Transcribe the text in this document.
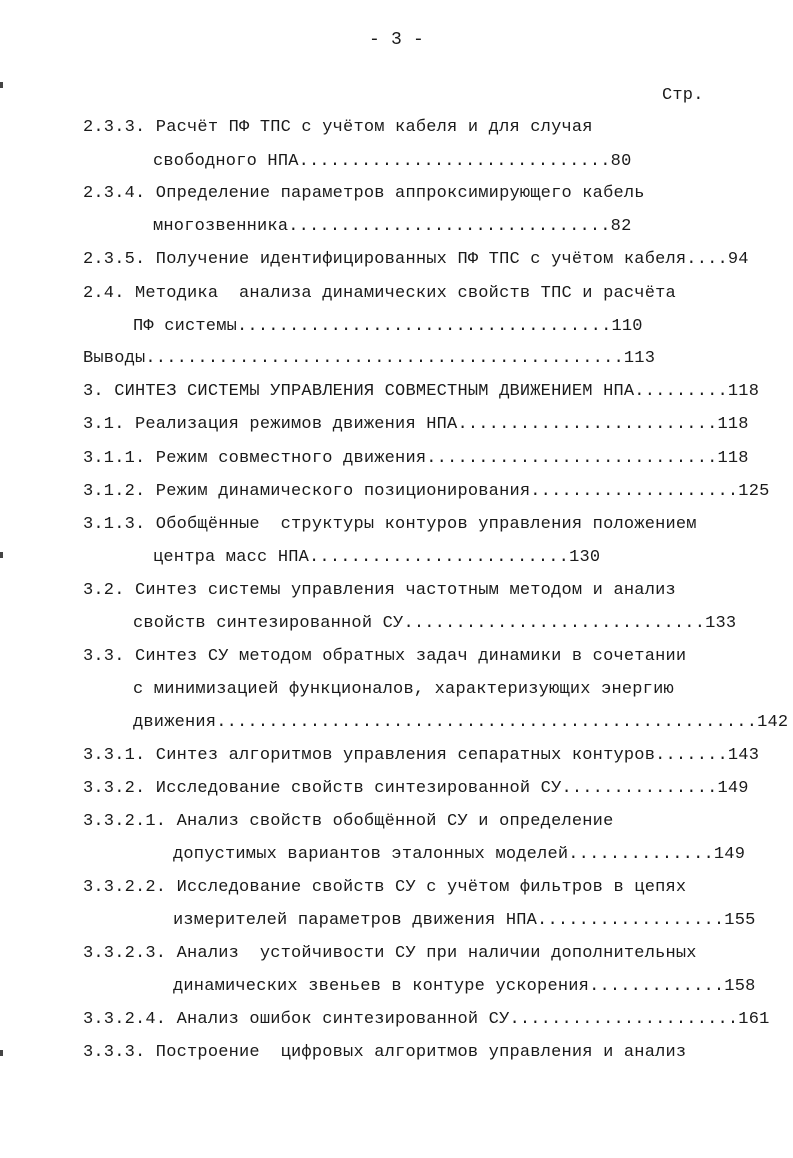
- 3 -
Стр.
2.3.3. Расчёт ПФ ТПС с учётом кабеля и для случая
свободного НПА..............................80
2.3.4. Определение параметров аппроксимирующего кабель
многозвенника...............................82
2.3.5. Получение идентифицированных ПФ ТПС с учётом кабеля....94
2.4. Методика  анализа динамических свойств ТПС и расчёта
ПФ системы....................................110
Выводы..............................................113
3. СИНТЕЗ СИСТЕМЫ УПРАВЛЕНИЯ СОВМЕСТНЫМ ДВИЖЕНИЕМ НПА.........118
3.1. Реализация режимов движения НПА.........................118
3.1.1. Режим совместного движения............................118
3.1.2. Режим динамического позиционирования....................125
3.1.3. Обобщённые  структуры контуров управления положением
центра масс НПА.........................130
3.2. Синтез системы управления частотным методом и анализ
свойств синтезированной СУ.............................133
3.3. Синтез СУ методом обратных задач динамики в сочетании
с минимизацией функционалов, характеризующих энергию
движения....................................................142
3.3.1. Синтез алгоритмов управления сепаратных контуров.......143
3.3.2. Исследование свойств синтезированной СУ...............149
3.3.2.1. Анализ свойств обобщённой СУ и определение
допустимых вариантов эталонных моделей..............149
3.3.2.2. Исследование свойств СУ с учётом фильтров в цепях
измерителей параметров движения НПА..................155
3.3.2.3. Анализ  устойчивости СУ при наличии дополнительных
динамических звеньев в контуре ускорения.............158
3.3.2.4. Анализ ошибок синтезированной СУ......................161
3.3.3. Построение  цифровых алгоритмов управления и анализ
